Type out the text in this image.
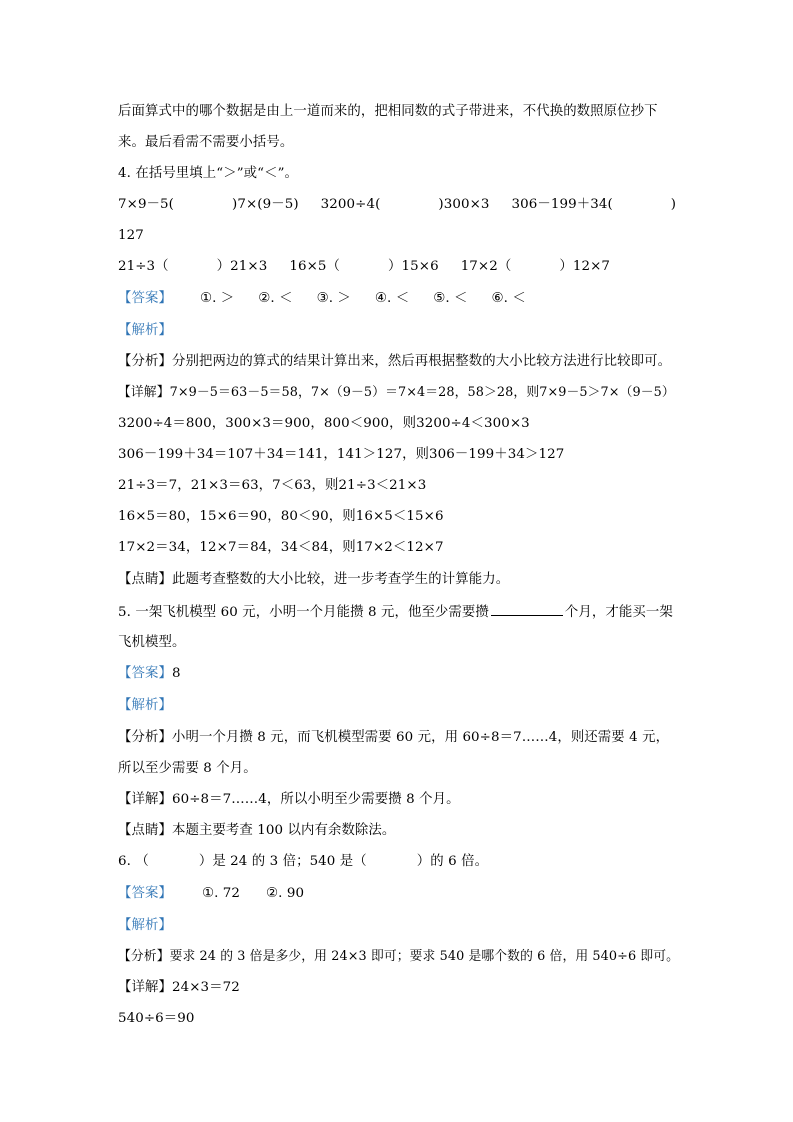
后面算式中的哪个数据是由上一道而来的，把相同数的式子带进来，不代换的数照原位抄下
来。最后看需不需要小括号。
4. 在括号里填上“＞”或“＜”。
7×9－5(	)7×(9－5) 3200÷4(	)300×3 306－199＋34(	)
127
21÷3（	）21×3 16×5（	）15×6 17×2（	）12×7
【答案】 ①. ＞ ②. ＜ ③. ＞ ④. ＜ ⑤. ＜ ⑥. ＜
【解析】
【分析】分别把两边的算式的结果计算出来，然后再根据整数的大小比较方法进行比较即可。
【详解】7×9－5＝63－5＝58，7×（9－5）＝7×4＝28，58＞28，则7×9－5＞7×（9－5）
3200÷4＝800，300×3＝900，800＜900，则3200÷4＜300×3
306－199＋34＝107＋34＝141，141＞127，则306－199＋34＞127
21÷3＝7，21×3＝63，7＜63，则21÷3＜21×3
16×5＝80，15×6＝90，80＜90，则16×5＜15×6
17×2＝34，12×7＝84，34＜84，则17×2＜12×7
【点睛】此题考查整数的大小比较，进一步考查学生的计算能力。
5. 一架飞机模型 60 元，小明一个月能攒 8 元，他至少需要攒	个月，才能买一架
飞机模型。
【答案】8
【解析】
【分析】小明一个月攒 8 元，而飞机模型需要 60 元，用 60÷8＝7……4，则还需要 4 元，
所以至少需要 8 个月。
【详解】60÷8＝7……4，所以小明至少需要攒 8 个月。
【点睛】本题主要考查 100 以内有余数除法。
6. （	）是 24 的 3 倍；540 是（	）的 6 倍。
【答案】 ①. 72 ②. 90
【解析】
【分析】要求 24 的 3 倍是多少，用 24×3 即可；要求 540 是哪个数的 6 倍，用 540÷6 即可。
【详解】24×3＝72
540÷6＝90
